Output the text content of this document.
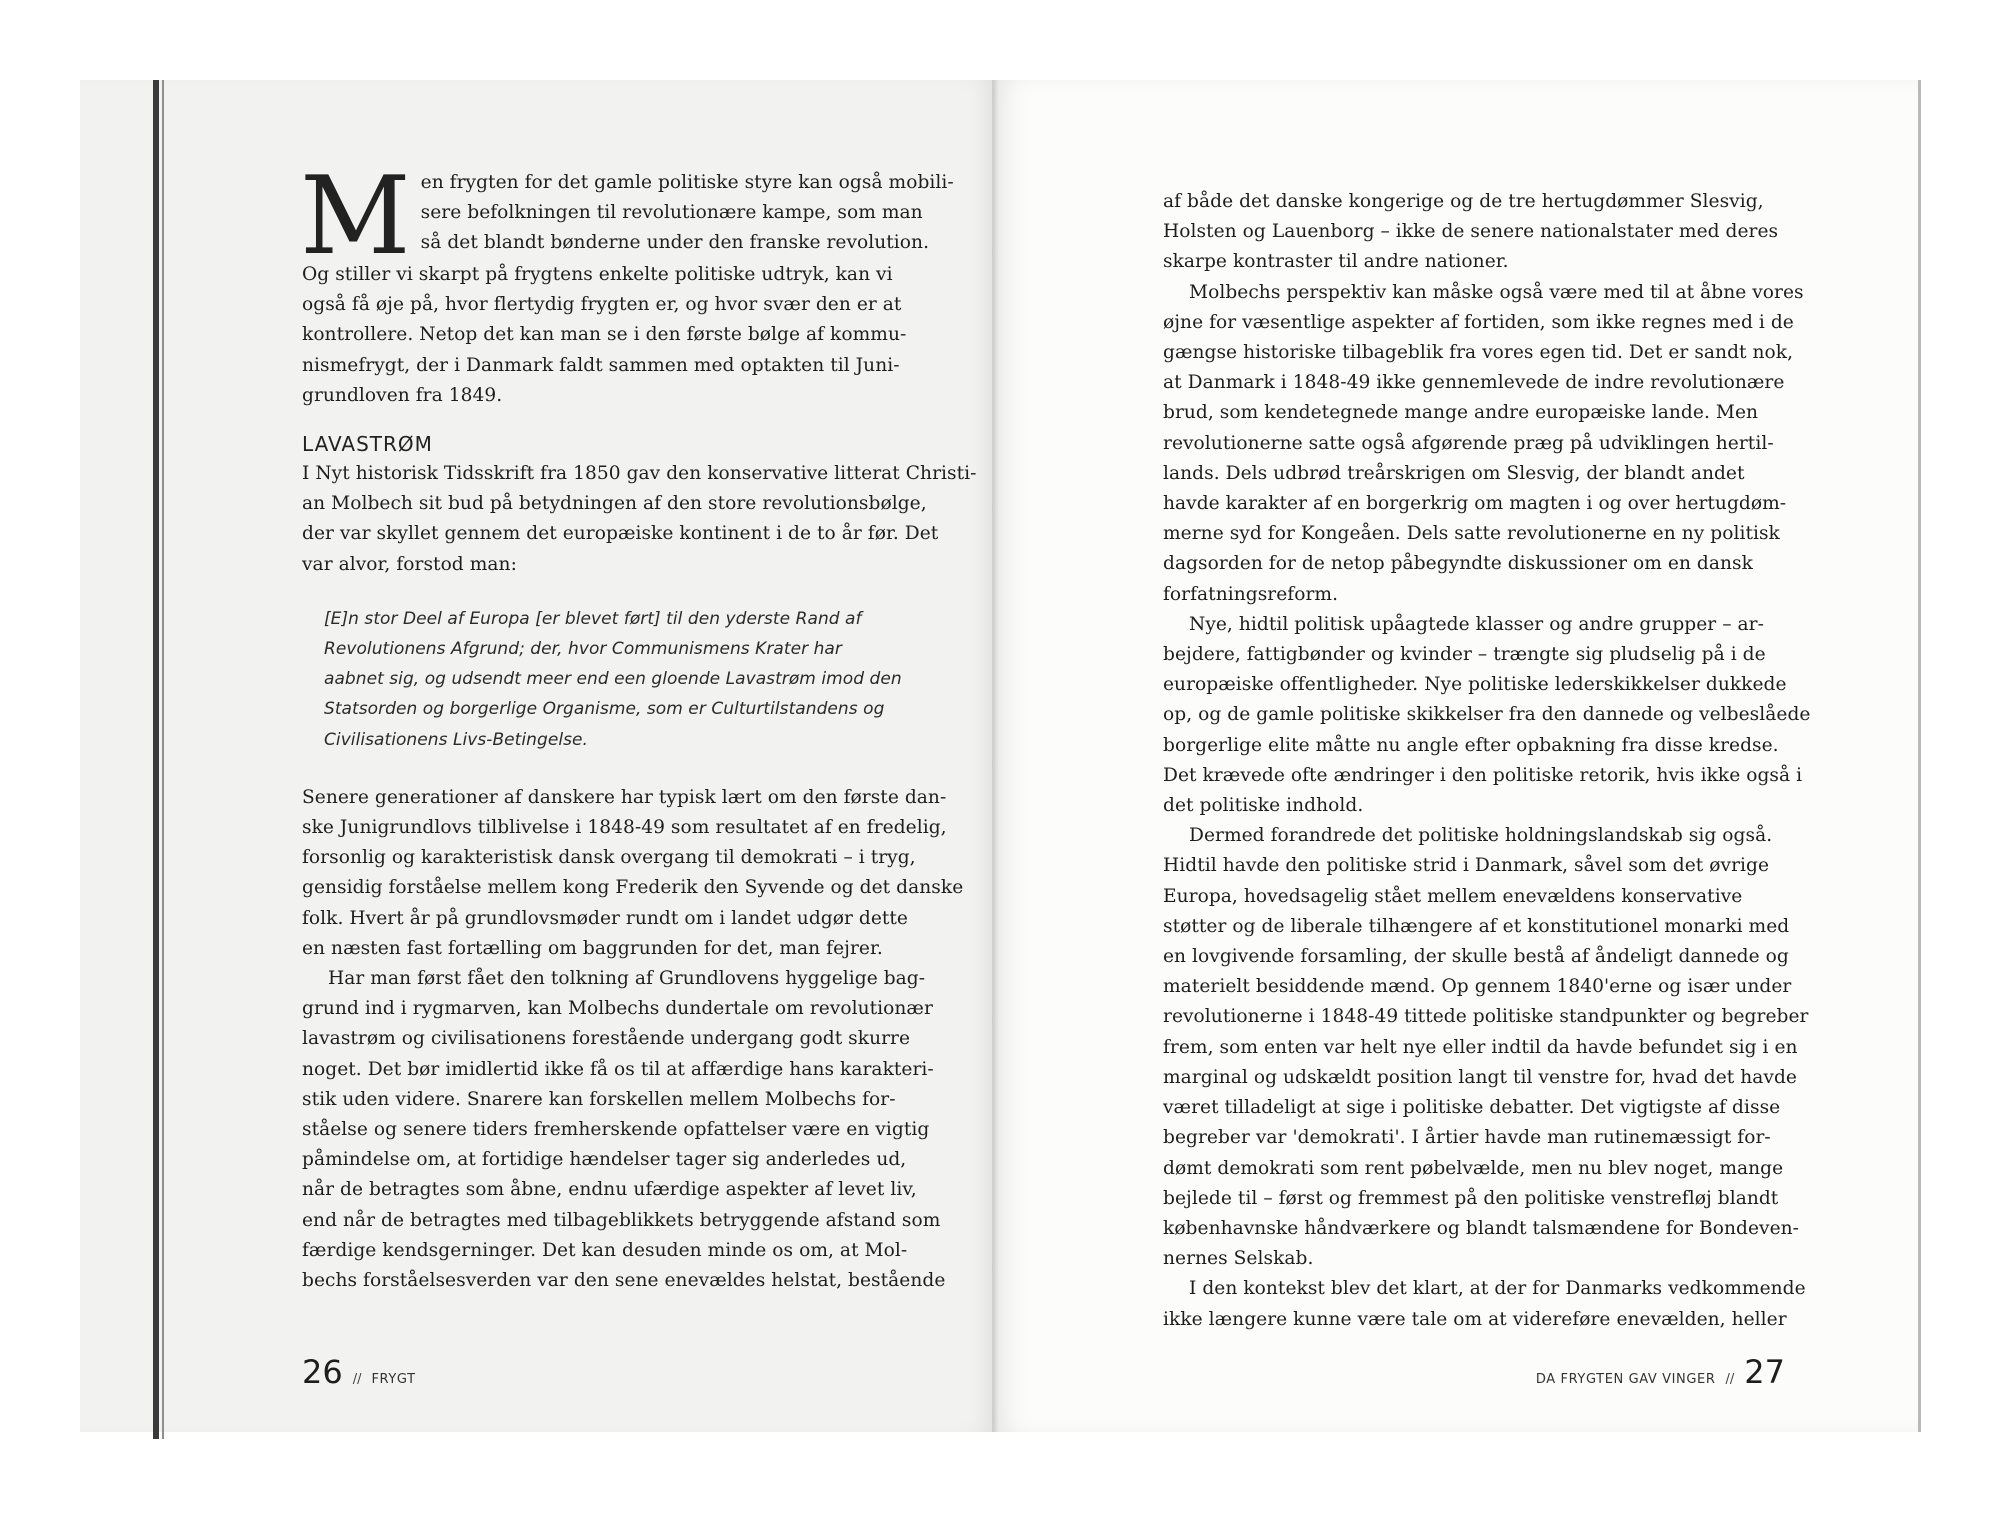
M en frygten for det gamle politiske styre kan også mobili-
sere befolkningen til revolutionære kampe, som man
så det blandt bønderne under den franske revolution.

Og stiller vi skarpt på frygtens enkelte politiske udtryk, kan vi
også få øje på, hvor flertydig frygten er, og hvor svær den er at
kontrollere. Netop det kan man se i den første bølge af kommu-
nismefrygt, der i Danmark faldt sammen med optakten til Juni-
grundloven fra 1849.

LAVASTRØM

I Nyt historisk Tidsskrift fra 1850 gav den konservative litterat Christi-
an Molbech sit bud på betydningen af den store revolutionsbølge,
der var skyllet gennem det europæiske kontinent i de to år før. Det
var alvor, forstod man:

[E]n stor Deel af Europa [er blevet ført] til den yderste Rand af
Revolutionens Afgrund; der, hvor Communismens Krater har
aabnet sig, og udsendt meer end een gloende Lavastrøm imod den
Statsorden og borgerlige Organisme, som er Culturtilstandens og
Civilisationens Livs-Betingelse.

Senere generationer af danskere har typisk lært om den første dan-
ske Junigrundlovs tilblivelse i 1848-49 som resultatet af en fredelig,
forsonlig og karakteristisk dansk overgang til demokrati – i tryg,
gensidig forståelse mellem kong Frederik den Syvende og det danske
folk. Hvert år på grundlovsmøder rundt om i landet udgør dette
en næsten fast fortælling om baggrunden for det, man fejrer.

Har man først fået den tolkning af Grundlovens hyggelige bag-
grund ind i rygmarven, kan Molbechs dundertale om revolutionær
lavastrøm og civilisationens forestående undergang godt skurre
noget. Det bør imidlertid ikke få os til at affærdige hans karakteri-
stik uden videre. Snarere kan forskellen mellem Molbechs for-
ståelse og senere tiders fremherskende opfattelser være en vigtig
påmindelse om, at fortidige hændelser tager sig anderledes ud,
når de betragtes som åbne, endnu ufærdige aspekter af levet liv,
end når de betragtes med tilbageblikkets betryggende afstand som
færdige kendsgerninger. Det kan desuden minde os om, at Mol-
bechs forståelsesverden var den sene enevældes helstat, bestående

26 // FRYGT

af både det danske kongerige og de tre hertugdømmer Slesvig,
Holsten og Lauenborg – ikke de senere nationalstater med deres
skarpe kontraster til andre nationer.

Molbechs perspektiv kan måske også være med til at åbne vores
øjne for væsentlige aspekter af fortiden, som ikke regnes med i de
gængse historiske tilbageblik fra vores egen tid. Det er sandt nok,
at Danmark i 1848-49 ikke gennemlevede de indre revolutionære
brud, som kendetegnede mange andre europæiske lande. Men
revolutionerne satte også afgørende præg på udviklingen hertil-
lands. Dels udbrød treårskrigen om Slesvig, der blandt andet
havde karakter af en borgerkrig om magten i og over hertugdøm-
merne syd for Kongeåen. Dels satte revolutionerne en ny politisk
dagsorden for de netop påbegyndte diskussioner om en dansk
forfatningsreform.

Nye, hidtil politisk upåagtede klasser og andre grupper – ar-
bejdere, fattigbønder og kvinder – trængte sig pludselig på i de
europæiske offentligheder. Nye politiske lederskikkelser dukkede
op, og de gamle politiske skikkelser fra den dannede og velbeslåede
borgerlige elite måtte nu angle efter opbakning fra disse kredse.
Det krævede ofte ændringer i den politiske retorik, hvis ikke også i
det politiske indhold.

Dermed forandrede det politiske holdningslandskab sig også.
Hidtil havde den politiske strid i Danmark, såvel som det øvrige
Europa, hovedsagelig stået mellem enevældens konservative
støtter og de liberale tilhængere af et konstitutionel monarki med
en lovgivende forsamling, der skulle bestå af åndeligt dannede og
materielt besiddende mænd. Op gennem 1840'erne og især under
revolutionerne i 1848-49 tittede politiske standpunkter og begreber
frem, som enten var helt nye eller indtil da havde befundet sig i en
marginal og udskældt position langt til venstre for, hvad det havde
været tilladeligt at sige i politiske debatter. Det vigtigste af disse
begreber var 'demokrati'. I årtier havde man rutinemæssigt for-
dømt demokrati som rent pøbelvælde, men nu blev noget, mange
bejlede til – først og fremmest på den politiske venstrefløj blandt
københavnske håndværkere og blandt talsmændene for Bondeven-
nernes Selskab.

I den kontekst blev det klart, at der for Danmarks vedkommende
ikke længere kunne være tale om at videreføre enevælden, heller

DA FRYGTEN GAV VINGER // 27
